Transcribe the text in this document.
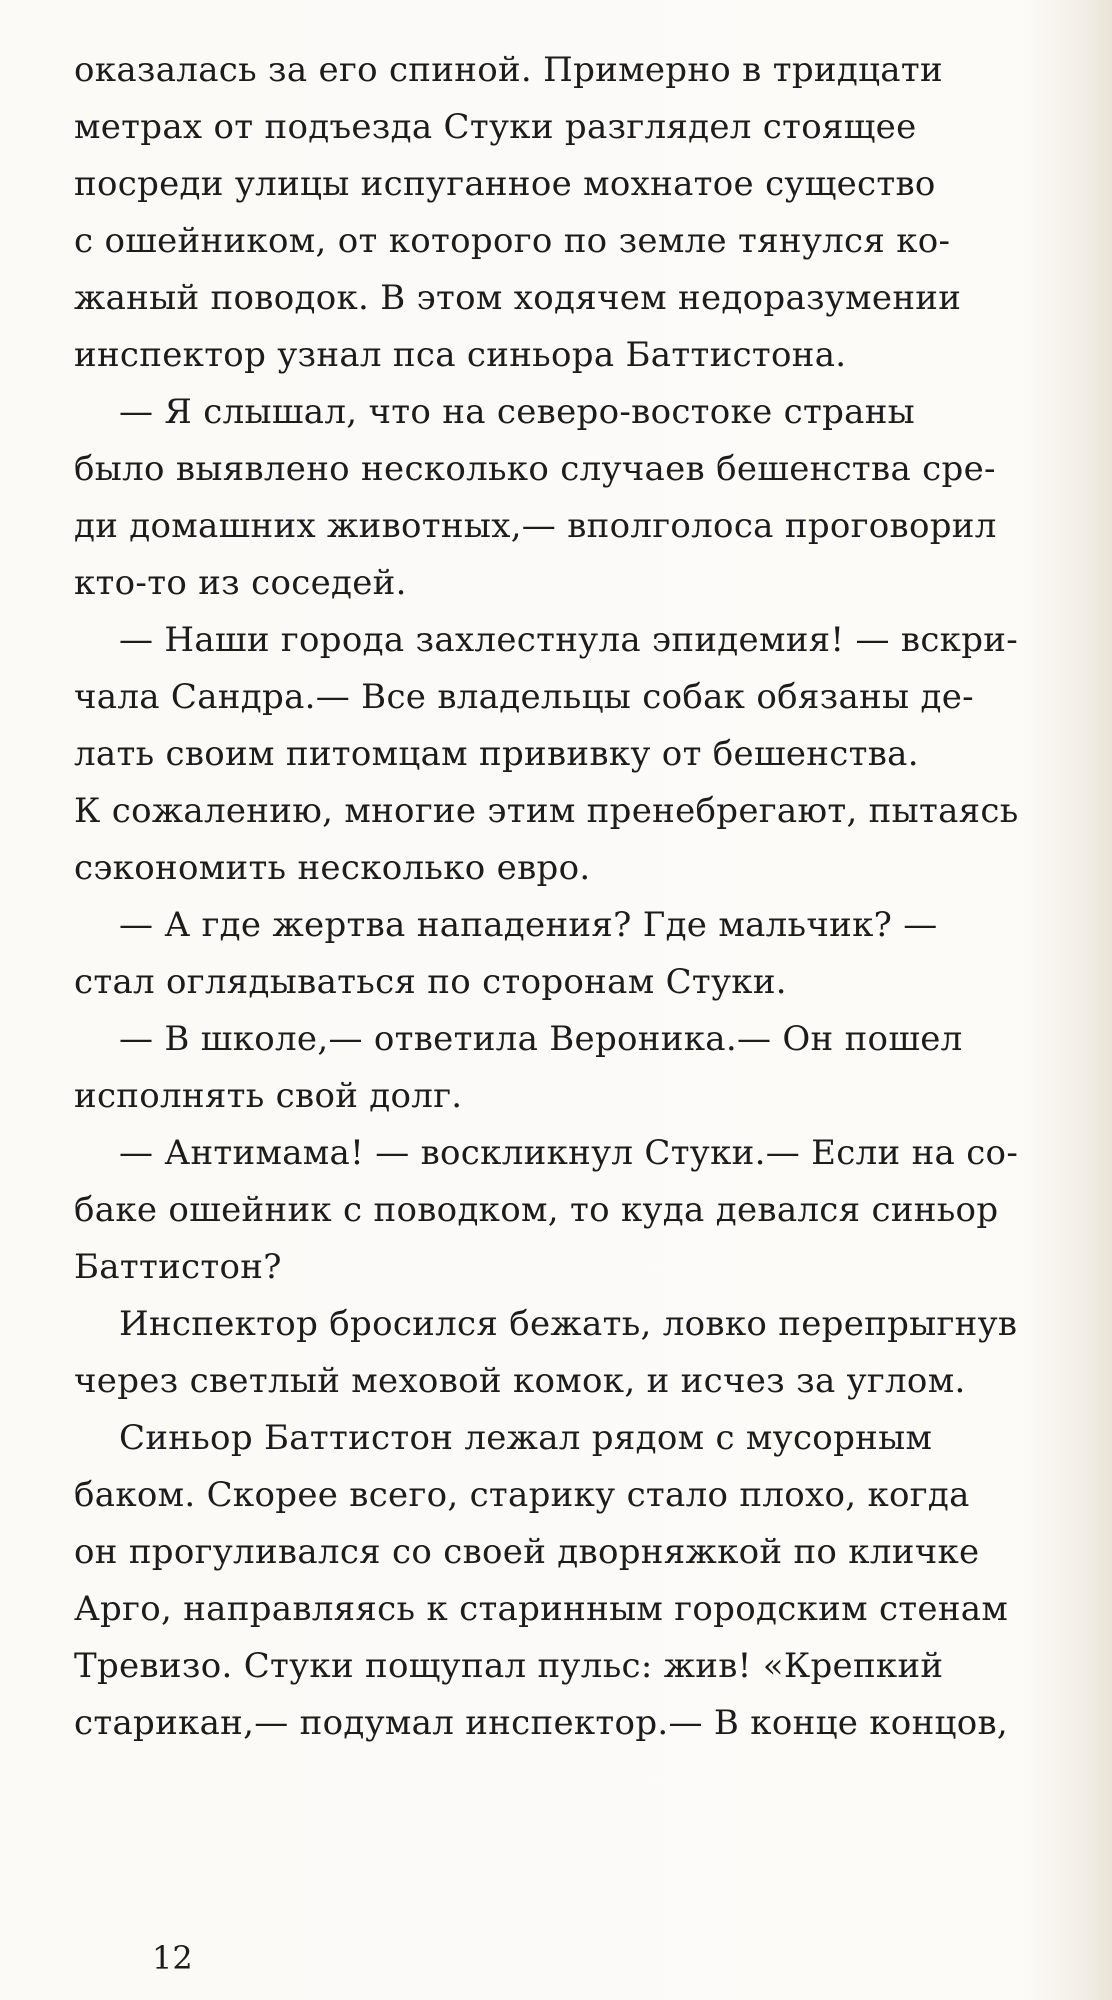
оказалась за его спиной. Примерно в тридцати
метрах от подъезда Стуки разглядел стоящее
посреди улицы испуганное мохнатое существо
с ошейником, от которого по земле тянулся ко-
жаный поводок. В этом ходячем недоразумении
инспектор узнал пса синьора Баттистона.
— Я слышал, что на северо-востоке страны
было выявлено несколько случаев бешенства сре-
ди домашних животных,— вполголоса проговорил
кто-то из соседей.
— Наши города захлестнула эпидемия! — вскри-
чала Сандра.— Все владельцы собак обязаны де-
лать своим питомцам прививку от бешенства.
К сожалению, многие этим пренебрегают, пытаясь
сэкономить несколько евро.
— А где жертва нападения? Где мальчик? —
стал оглядываться по сторонам Стуки.
— В школе,— ответила Вероника.— Он пошел
исполнять свой долг.
— Антимама! — воскликнул Стуки.— Если на со-
баке ошейник с поводком, то куда девался синьор
Баттистон?
Инспектор бросился бежать, ловко перепрыгнув
через светлый меховой комок, и исчез за углом.
Синьор Баттистон лежал рядом с мусорным
баком. Скорее всего, старику стало плохо, когда
он прогуливался со своей дворняжкой по кличке
Арго, направляясь к старинным городским стенам
Тревизо. Стуки пощупал пульс: жив! «Крепкий
старикан,— подумал инспектор.— В конце концов,
12
